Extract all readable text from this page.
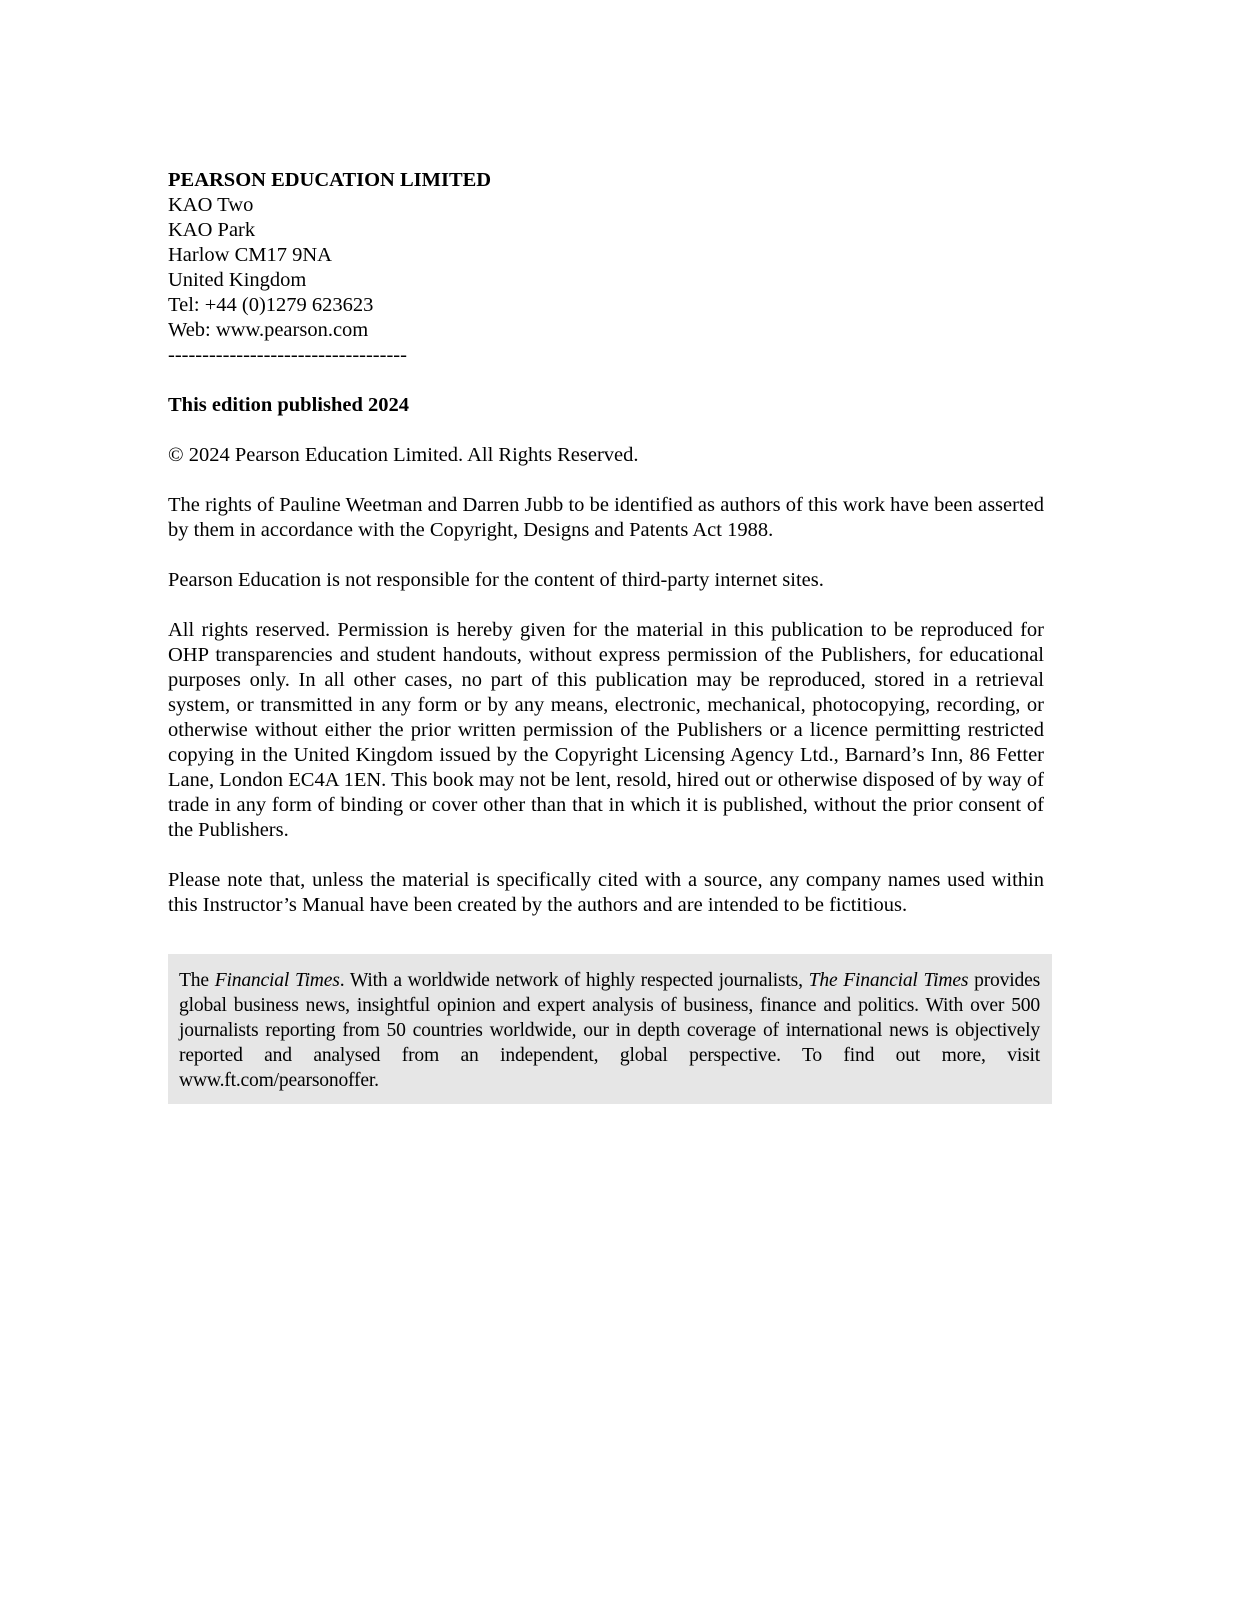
PEARSON EDUCATION LIMITED
KAO Two
KAO Park
Harlow CM17 9NA
United Kingdom
Tel: +44 (0)1279 623623
Web: www.pearson.com
-----------------------------------
This edition published 2024
© 2024 Pearson Education Limited. All Rights Reserved.

The rights of Pauline Weetman and Darren Jubb to be identified as authors of this work have been asserted by them in accordance with the Copyright, Designs and Patents Act 1988.

Pearson Education is not responsible for the content of third-party internet sites.

All rights reserved. Permission is hereby given for the material in this publication to be reproduced for OHP transparencies and student handouts, without express permission of the Publishers, for educational purposes only. In all other cases, no part of this publication may be reproduced, stored in a retrieval system, or transmitted in any form or by any means, electronic, mechanical, photocopying, recording, or otherwise without either the prior written permission of the Publishers or a licence permitting restricted copying in the United Kingdom issued by the Copyright Licensing Agency Ltd., Barnard’s Inn, 86 Fetter Lane, London EC4A 1EN. This book may not be lent, resold, hired out or otherwise disposed of by way of trade in any form of binding or cover other than that in which it is published, without the prior consent of the Publishers.

Please note that, unless the material is specifically cited with a source, any company names used within this Instructor’s Manual have been created by the authors and are intended to be fictitious.

The Financial Times. With a worldwide network of highly respected journalists, The Financial Times provides global business news, insightful opinion and expert analysis of business, finance and politics. With over 500 journalists reporting from 50 countries worldwide, our in depth coverage of international news is objectively reported and analysed from an independent, global perspective. To find out more, visit www.ft.com/pearsonoffer.
